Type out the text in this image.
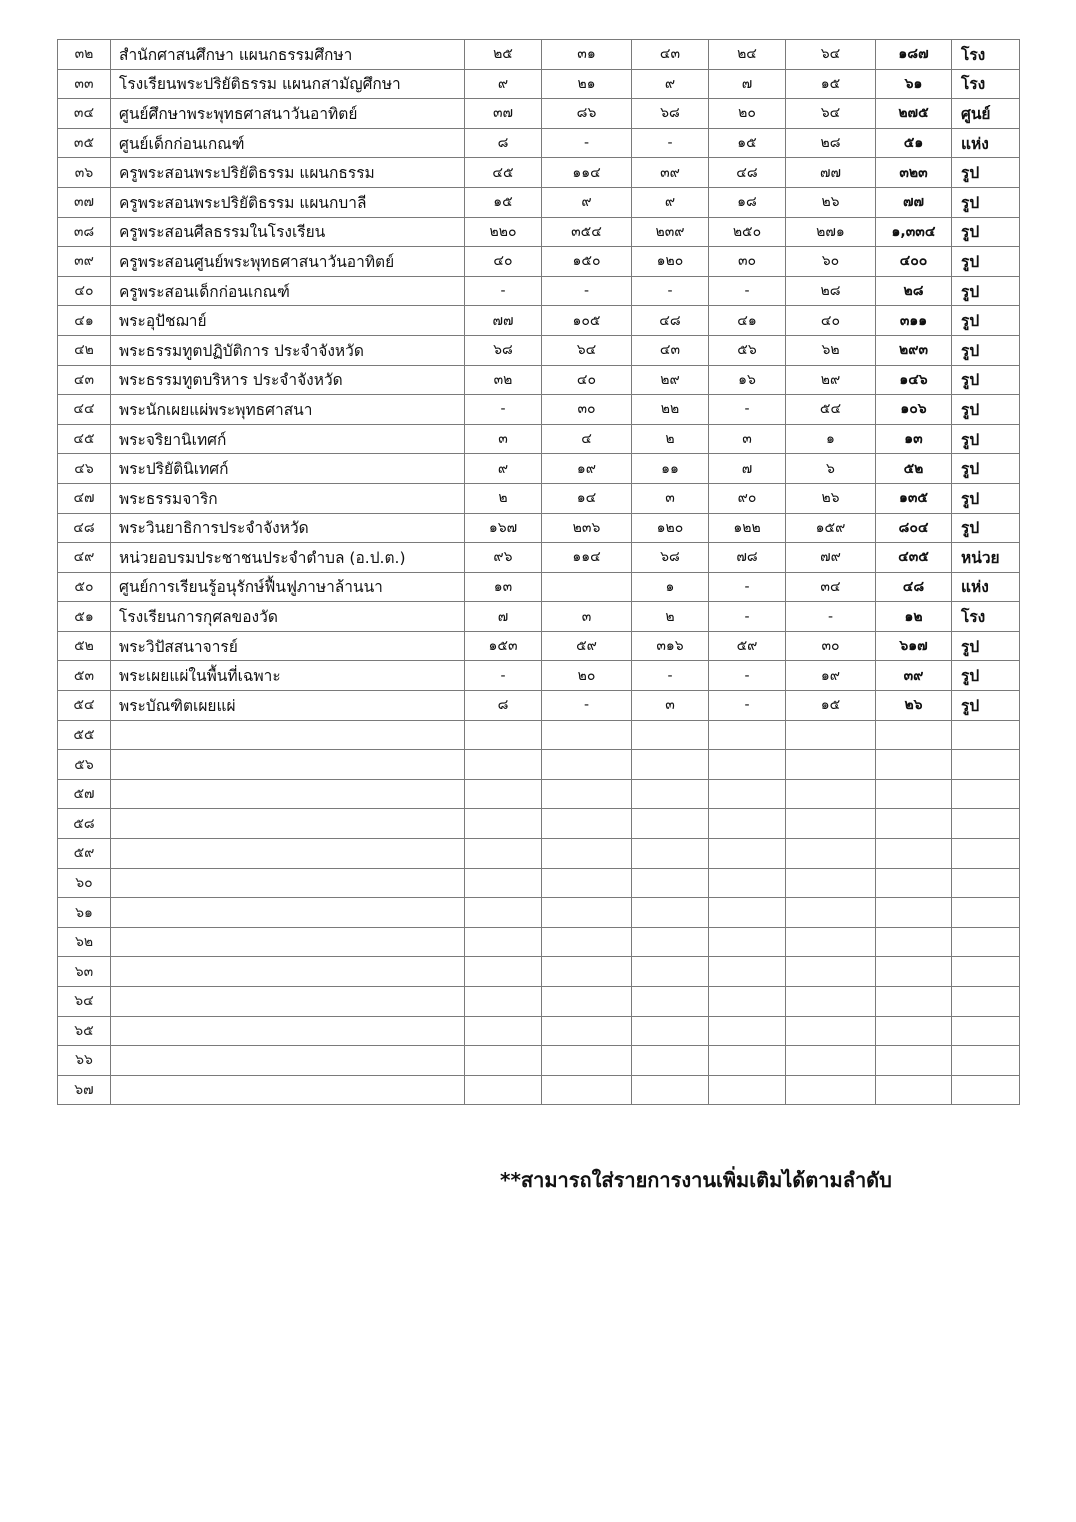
๓๒	สำนักศาสนศึกษา แผนกธรรมศึกษา	๒๕	๓๑	๔๓	๒๔	๖๔	๑๘๗	โรง
๓๓	โรงเรียนพระปริยัติธรรม แผนกสามัญศึกษา	๙	๒๑	๙	๗	๑๕	๖๑	โรง
๓๔	ศูนย์ศึกษาพระพุทธศาสนาวันอาทิตย์	๓๗	๘๖	๖๘	๒๐	๖๔	๒๗๕	ศูนย์
๓๕	ศูนย์เด็กก่อนเกณฑ์	๘	-	-	๑๕	๒๘	๕๑	แห่ง
๓๖	ครูพระสอนพระปริยัติธรรม แผนกธรรม	๔๕	๑๑๔	๓๙	๔๘	๗๗	๓๒๓	รูป
๓๗	ครูพระสอนพระปริยัติธรรม แผนกบาลี	๑๕	๙	๙	๑๘	๒๖	๗๗	รูป
๓๘	ครูพระสอนศีลธรรมในโรงเรียน	๒๒๐	๓๕๔	๒๓๙	๒๕๐	๒๗๑	๑,๓๓๔	รูป
๓๙	ครูพระสอนศูนย์พระพุทธศาสนาวันอาทิตย์	๔๐	๑๕๐	๑๒๐	๓๐	๖๐	๔๐๐	รูป
๔๐	ครูพระสอนเด็กก่อนเกณฑ์	-	-	-	-	๒๘	๒๘	รูป
๔๑	พระอุปัชฌาย์	๗๗	๑๐๕	๔๘	๔๑	๔๐	๓๑๑	รูป
๔๒	พระธรรมทูตปฏิบัติการ ประจำจังหวัด	๖๘	๖๔	๔๓	๕๖	๖๒	๒๙๓	รูป
๔๓	พระธรรมทูตบริหาร ประจำจังหวัด	๓๒	๔๐	๒๙	๑๖	๒๙	๑๔๖	รูป
๔๔	พระนักเผยแผ่พระพุทธศาสนา	-	๓๐	๒๒	-	๕๔	๑๐๖	รูป
๔๕	พระจริยานิเทศก์	๓	๔	๒	๓	๑	๑๓	รูป
๔๖	พระปริยัตินิเทศก์	๙	๑๙	๑๑	๗	๖	๕๒	รูป
๔๗	พระธรรมจาริก	๒	๑๔	๓	๙๐	๒๖	๑๓๕	รูป
๔๘	พระวินยาธิการประจำจังหวัด	๑๖๗	๒๓๖	๑๒๐	๑๒๒	๑๕๙	๘๐๔	รูป
๔๙	หน่วยอบรมประชาชนประจำตำบล (อ.ป.ต.)	๙๖	๑๑๔	๖๘	๗๘	๗๙	๔๓๕	หน่วย
๕๐	ศูนย์การเรียนรู้อนุรักษ์ฟื้นฟูภาษาล้านนา	๑๓		๑	-	๓๔	๔๘	แห่ง
๕๑	โรงเรียนการกุศลของวัด	๗	๓	๒	-	-	๑๒	โรง
๕๒	พระวิปัสสนาจารย์	๑๕๓	๕๙	๓๑๖	๕๙	๓๐	๖๑๗	รูป
๕๓	พระเผยแผ่ในพื้นที่เฉพาะ	-	๒๐	-	-	๑๙	๓๙	รูป
๕๔	พระบัณฑิตเผยแผ่	๘	-	๓	-	๑๕	๒๖	รูป
๕๕								
๕๖								
๕๗								
๕๘								
๕๙								
๖๐								
๖๑								
๖๒								
๖๓								
๖๔								
๖๕								
๖๖								
๖๗								
**สามารถใส่รายการงานเพิ่มเติมได้ตามลำดับ
